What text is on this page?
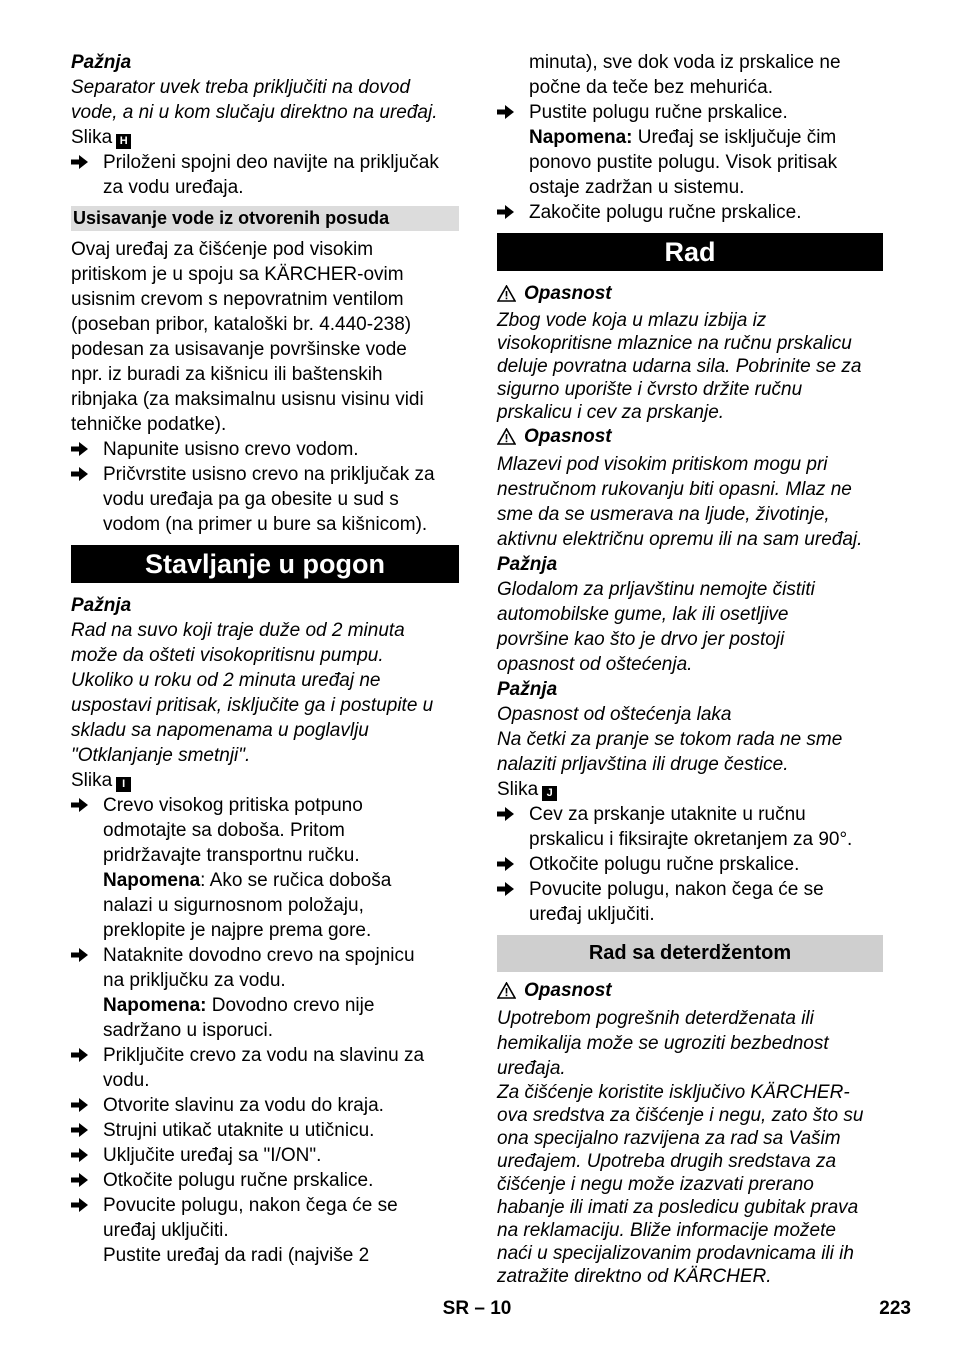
Pažnja
Separator uvek treba priključiti na dovod
vode, a ni u kom slučaju direktno na uređaj.
Slika H
Priloženi spojni deo navijte na priključak
za vodu uređaja.
Usisavanje vode iz otvorenih posuda
Ovaj uređaj za čišćenje pod visokim
pritiskom je u spoju sa KÄRCHER-ovim
usisnim crevom s nepovratnim ventilom
(poseban pribor, kataloški br. 4.440-238)
podesan za usisavanje površinske vode
npr. iz buradi za kišnicu ili baštenskih
ribnjaka (za maksimalnu usisnu visinu vidi
tehničke podatke).
Napunite usisno crevo vodom.
Pričvrstite usisno crevo na priključak za
vodu uređaja pa ga obesite u sud s
vodom (na primer u bure sa kišnicom).
Stavljanje u pogon
Pažnja
Rad na suvo koji traje duže od 2 minuta
može da ošteti visokopritisnu pumpu.
Ukoliko u roku od 2 minuta uređaj ne
uspostavi pritisak, isključite ga i postupite u
skladu sa napomenama u poglavlju
"Otklanjanje smetnji".
Slika I
Crevo visokog pritiska potpuno
odmotajte sa doboša. Pritom
pridržavajte transportnu ručku.
Napomena: Ako se ručica doboša
nalazi u sigurnosnom položaju,
preklopite je najpre prema gore.
Nataknite dovodno crevo na spojnicu
na priključku za vodu.
Napomena: Dovodno crevo nije
sadržano u isporuci.
Priključite crevo za vodu na slavinu za
vodu.
Otvorite slavinu za vodu do kraja.
Strujni utikač utaknite u utičnicu.
Uključite uređaj sa "I/ON".
Otkočite polugu ručne prskalice.
Povucite polugu, nakon čega će se
uređaj uključiti.
Pustite uređaj da radi (najviše 2
minuta), sve dok voda iz prskalice ne
počne da teče bez mehurića.
Pustite polugu ručne prskalice.
Napomena: Uređaj se isključuje čim
ponovo pustite polugu. Visok pritisak
ostaje zadržan u sistemu.
Zakočite polugu ručne prskalice.
Rad
Opasnost
Zbog vode koja u mlazu izbija iz
visokopritisne mlaznice na ručnu prskalicu
deluje povratna udarna sila. Pobrinite se za
sigurno uporište i čvrsto držite ručnu
prskalicu i cev za prskanje.
Opasnost
Mlazevi pod visokim pritiskom mogu pri
nestručnom rukovanju biti opasni. Mlaz ne
sme da se usmerava na ljude, životinje,
aktivnu električnu opremu ili na sam uređaj.
Pažnja
Glodalom za prljavštinu nemojte čistiti
automobilske gume, lak ili osetljive
površine kao što je drvo jer postoji
opasnost od oštećenja.
Pažnja
Opasnost od oštećenja laka
Na četki za pranje se tokom rada ne sme
nalaziti prljavština ili druge čestice.
Slika J
Cev za prskanje utaknite u ručnu
prskalicu i fiksirajte okretanjem za 90°.
Otkočite polugu ručne prskalice.
Povucite polugu, nakon čega će se
uređaj uključiti.
Rad sa deterdžentom
Opasnost
Upotrebom pogrešnih deterdženata ili
hemikalija može se ugroziti bezbednost
uređaja.
Za čišćenje koristite isključivo KÄRCHER-
ova sredstva za čišćenje i negu, zato što su
ona specijalno razvijena za rad sa Vašim
uređajem. Upotreba drugih sredstava za
čišćenje i negu može izazvati prerano
habanje ili imati za posledicu gubitak prava
na reklamaciju. Bliže informacije možete
naći u specijalizovanim prodavnicama ili ih
zatražite direktno od KÄRCHER.
SR – 10	223
